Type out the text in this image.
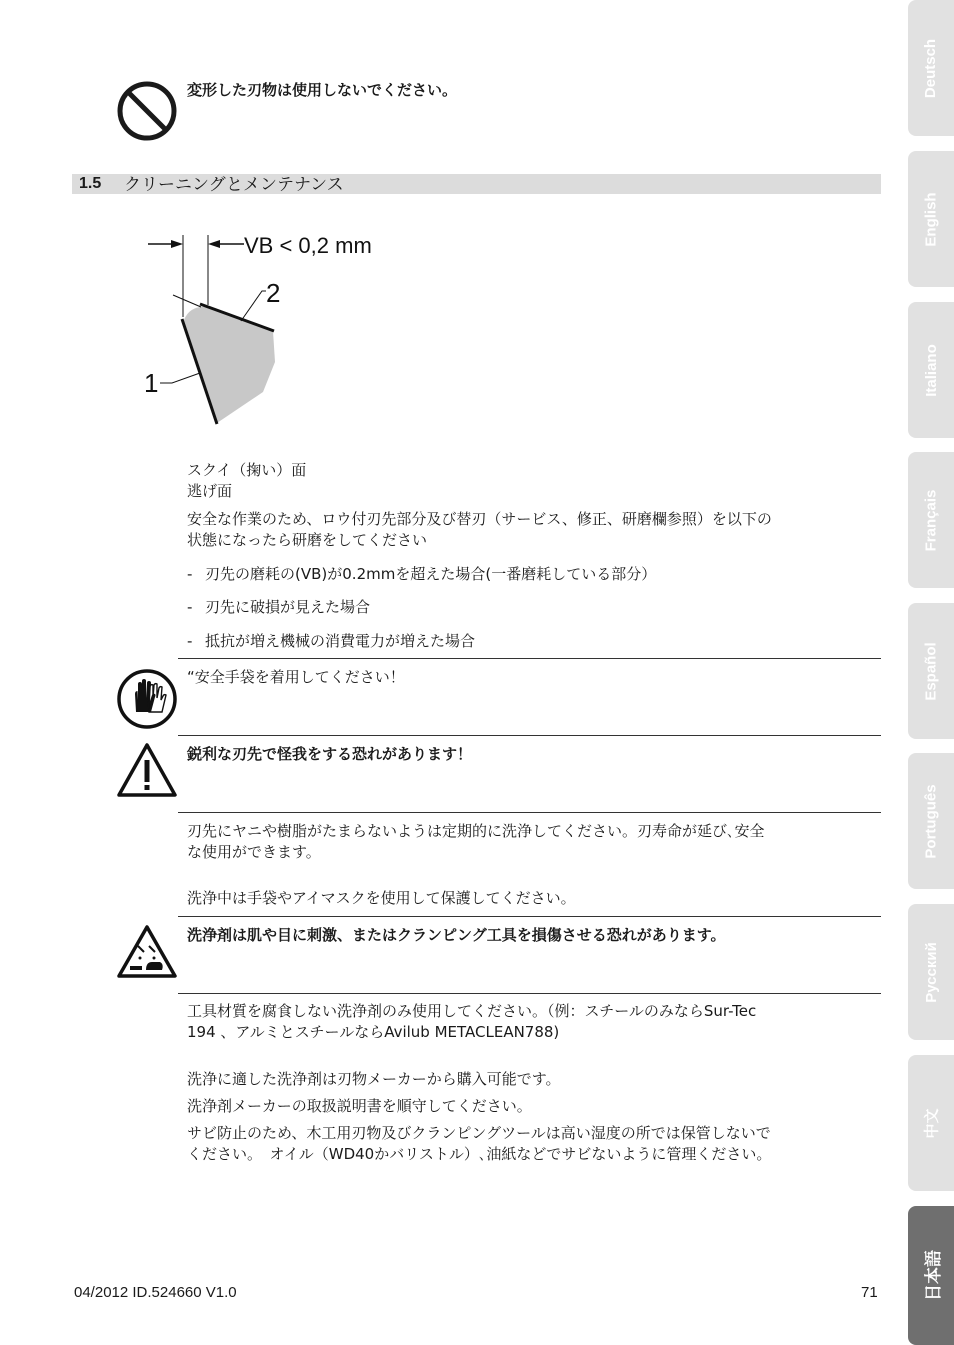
変形した刃物は使用しないでください。
1.5 クリーニングとメンテナンス
VB < 0,2 mm
2
1
スクイ（掬い）面
逃げ面
安全な作業のため、ロウ付刃先部分及び替刃（サービス、修正、研磨欄参照）を以下の
状態になったら研磨をしてください
- 刃先の磨耗の(VB)が0.2mmを超えた場合(一番磨耗している部分）
- 刃先に破損が見えた場合
- 抵抗が増え機械の消費電力が増えた場合
“安全手袋を着用してください！
鋭利な刃先で怪我をする恐れがあります！
刃先にヤニや樹脂がたまらないようは定期的に洗浄してください。刃寿命が延び､安全
な使用ができます。
洗浄中は手袋やアイマスクを使用して保護してください。
洗浄剤は肌や目に刺激、またはクランピング工具を損傷させる恐れがあります。
工具材質を腐食しない洗浄剤のみ使用してください。（例：スチールのみならSur-Tec
194 、アルミとスチールならAvilub METACLEAN788)
洗浄に適した洗浄剤は刃物メーカーから購入可能です。
洗浄剤メーカーの取扱説明書を順守してください。
サビ防止のため、木工用刃物及びクランピングツールは高い湿度の所では保管しないで
ください。　オイル（WD40かバリストル）､油紙などでサビないように管理ください。
04/2012 ID.524660 V1.0	71
Deutsch
English
Italiano
Français
Español
Português
Русский
中文
日本語
